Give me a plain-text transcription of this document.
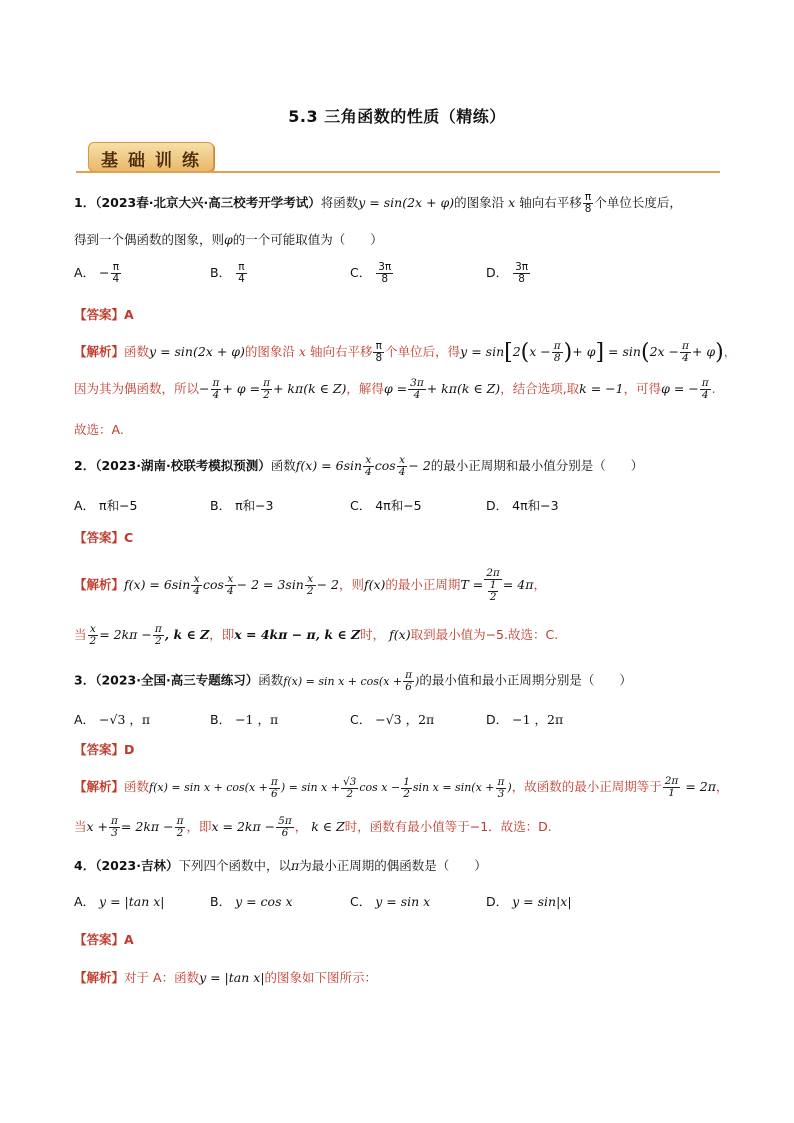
5.3 三角函数的性质（精练）
基础训练
1．（2023春·北京大兴·高三校考开学考试）将函数y = sin(2x + φ)的图象沿 x 轴向右平移 $\frac{\pi}{8}$ 个单位长度后，
得到一个偶函数的图象，则φ的一个可能取值为（　　）
A． − $\frac{\pi}{4}$	B． $\frac{\pi}{4}$	C． $\frac{3\pi}{8}$	D． $\frac{3\pi}{8}$
【答案】A
【解析】函数y = sin(2x + φ)的图象沿 x 轴向右平移 $\frac{\pi}{8}$ 个单位后，得$y = \sin[2(x - \frac{\pi}{8}$ )+ $\varphi] = \sin(2x - \frac{\pi}{4} + \varphi)$，
因为其为偶函数，所以− $\frac{\pi}{4} + \varphi = \frac{\pi}{2} + k\pi(k$ ∈ Z)，解得$\varphi = \frac{3\pi}{4} + k\pi(k$ ∈ Z)，结合选项,取k = −1，可得φ = − $\frac{\pi}{4}$ .
故选：A.
2．（2023·湖南·校联考模拟预测）函数$f(x) = 6\sin \frac{x}{4}$ $\cos \frac{x}{4} - 2$的最小正周期和最小值分别是（　　）
A． π和−5	B． π和−3	C． 4π和−5	D． 4π和−3
【答案】C
【解析】$f(x) = 6\sin \frac{x}{4}$ $\cos \frac{x}{4} - 2 = 3\sin \frac{x}{2} - 2$，则f(x)的最小正周期$T = \frac{2\pi}{\frac{1}{2}} = 4\pi$，
当 $\frac{x}{2} = 2k\pi - \frac{\pi}{2}$ , k ∈ Z，即x = 4kπ − π, k ∈ Z时， f(x)取到最小值为−5.故选：C.
3．（2023·全国·高三专题练习）函数$f(x) = \sin x + \cos(x + \frac{\pi}{6}$ )的最小值和最小正周期分别是（　　）
A． −√3 ，π	B． −1 ，π	C． −√3 ，2π	D． −1 ，2π
【答案】D
【解析】函数$f(x) = \sin x + \cos(x + \frac{\pi}{6}$ ) = $\sin x + \frac{√3}{2}$ $\cos x - \frac{1}{2}$ $\sin x = \sin(x + \frac{\pi}{3}$ )，故函数的最小正周期等于 $\frac{2\pi}{1} = 2\pi$，
当$x + \frac{\pi}{3} = 2k\pi - \frac{\pi}{2}$ ，即$x = 2k\pi - \frac{5\pi}{6}$ ， k ∈ Z时，函数有最小值等于−1．故选：D.
4．（2023·吉林）下列四个函数中，以π为最小正周期的偶函数是（　　）
A． y = |tan x|	B． y = cos x	C． y = sin x	D． y = sin|x|
【答案】A
【解析】对于 A：函数y = |tan x|的图象如下图所示：
